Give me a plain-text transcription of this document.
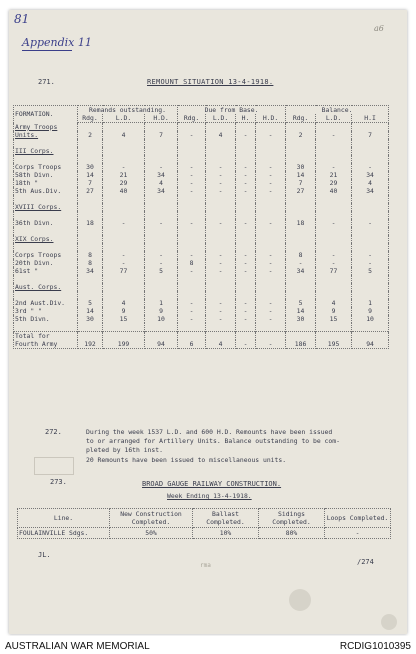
81
Appendix 11
a6
271.	REMOUNT SITUATION 13-4-1918.
FORMATION.	Remands outstanding.			Due from Base.				Balance.		
	Rdg.	L.D.	H.D.	Rdg.	L.D.	H.	H.D.	Rdg.	L.D.	H.I
Army Troops										
Units.	2	4	7	-	4	-	-	2	-	7

III Corps.										

Corps Troops	30	-	-	-	-	-	-	30	-	-
58th Divn.	14	21	34	-	-	-	-	14	21	34
18th "	7	29	4	-	-	-	-	7	29	4
5th Aus.Div.	27	40	34	-	-	-	-	27	40	34

XVIII Corps.										

36th Divn.	18	-	-	-	-	-	-	18	-	-

XIX Corps.										

Corps Troops	8	-	-	-	-	-	-	8	-	-
20th Divn.	8	-	-	8	-	-	-	-	-	-
61st "	34	77	5	-	-	-	-	34	77	5

Aust. Corps.										

2nd Aust.Div.	5	4	1	-	-	-	-	5	4	1
3rd " "	14	9	9	-	-	-	-	14	9	9
5th Divn.	30	15	10	-	-	-	-	30	15	10

Total for										
Fourth Army	192	199	94	6	4	-	-	186	195	94
272.	During the week 1537 L.D. and 600 H.D. Remounts have been issued
to or arranged for Artillery Units. Balance outstanding to be com-
pleted by 16th inst.
20 Remounts have been issued to miscellaneous units.
273.	BROAD GAUGE RAILWAY CONSTRUCTION.
Week Ending 13-4-1918.
Line.	New Construction Completed.	Ballast Completed.	Sidings Completed.	Loops Completed.
FOULAINVILLE Sdgs.	50%	10%	80%	-
JL.
/274
rma
AUSTRALIAN WAR MEMORIAL	RCDIG1010395
